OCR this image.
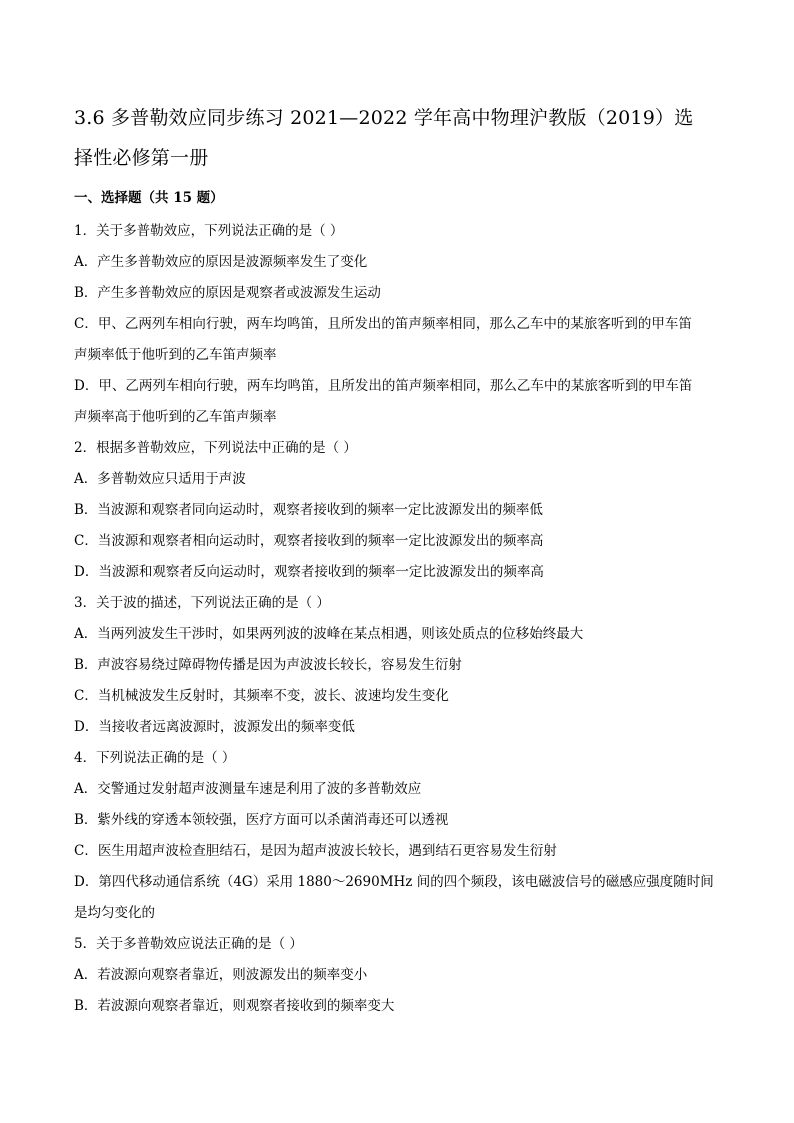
3.6 多普勒效应同步练习 2021—2022 学年高中物理沪教版（2019）选

择性必修第一册

一、选择题（共 15 题）

1．关于多普勒效应，下列说法正确的是（ ）

A．产生多普勒效应的原因是波源频率发生了变化

B．产生多普勒效应的原因是观察者或波源发生运动

C．甲、乙两列车相向行驶，两车均鸣笛，且所发出的笛声频率相同，那么乙车中的某旅客听到的甲车笛

声频率低于他听到的乙车笛声频率

D．甲、乙两列车相向行驶，两车均鸣笛，且所发出的笛声频率相同，那么乙车中的某旅客听到的甲车笛

声频率高于他听到的乙车笛声频率

2．根据多普勒效应，下列说法中正确的是（ ）

A．多普勒效应只适用于声波

B．当波源和观察者同向运动时，观察者接收到的频率一定比波源发出的频率低

C．当波源和观察者相向运动时，观察者接收到的频率一定比波源发出的频率高

D．当波源和观察者反向运动时，观察者接收到的频率一定比波源发出的频率高

3．关于波的描述，下列说法正确的是（ ）

A．当两列波发生干涉时，如果两列波的波峰在某点相遇，则该处质点的位移始终最大

B．声波容易绕过障碍物传播是因为声波波长较长，容易发生衍射

C．当机械波发生反射时，其频率不变，波长、波速均发生变化

D．当接收者远离波源时，波源发出的频率变低

4．下列说法正确的是（ ）

A．交警通过发射超声波测量车速是利用了波的多普勒效应

B．紫外线的穿透本领较强，医疗方面可以杀菌消毒还可以透视

C．医生用超声波检查胆结石，是因为超声波波长较长，遇到结石更容易发生衍射

D．第四代移动通信系统（4G）采用 1880～2690MHz 间的四个频段，该电磁波信号的磁感应强度随时间

是均匀变化的

5．关于多普勒效应说法正确的是（ ）

A．若波源向观察者靠近，则波源发出的频率变小

B．若波源向观察者靠近，则观察者接收到的频率变大
